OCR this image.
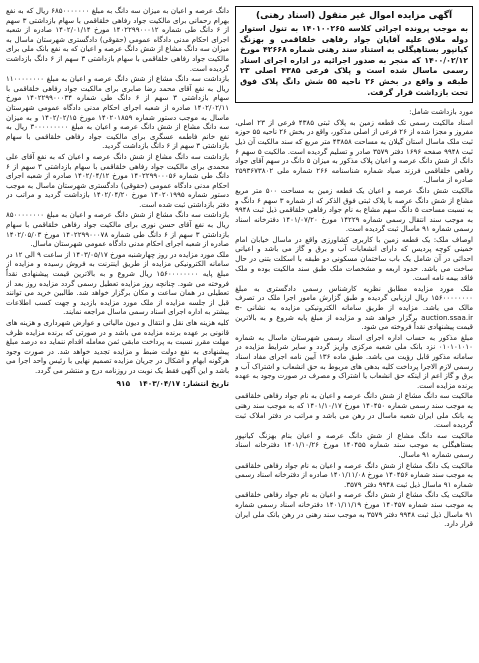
آگهی مزایده اموال غیر منقول (اسناد رهنی)
به موجب پرونده اجرائی کلاسه ۱۴۰۱۰۰۲۶۵ به تنول استوار دوله ملاق علیه آقایان جواد رفاهی خلقاقمی و بهزنگ کیانپور بستاهیگلی به استناد سند رهنی شماره ۴۲۶۶۸ مورخ ۱۴۰۰/۰۲/۱۲ که منجر به صدور اجرائیه در اداره اجرای اسناد رسمی ماسال شده است و پلاک فرعی ۴۳۸۵ اصلی ۲۳ طبقه و واقع در بخش ۲۶ ناحیه ۵۵ شش دانگ پلاک فوق تحت بازداشت قرار گرفت.
مورد بازداشت شامل:
اسناد مالکیت رسمی تک قطعه زمین به پلاک ثبتی ۴۳۸۵ فرعی از ۲۳ اصلی، مفروز و مجزا شده از ۲۶ فرعی از اصلی مذکور، واقع در بخش ۲۶ ناحیه ۵۵ حوزه ثبت ملک ماسال استان گیلان به مساحت ۴۳۸۵۸ متر مربع که سند مالکیت آن ذیل ثبت ۹۹۴۸ صفحه ۱۶۹۶ دفتر ۳۵۷۹ صادر و تسلیم گردیده است. مالکیت ۵ سهم ۶ دانگ از شش دانگ عرصه و اعیان پلاک مذکور به میزان ۵ دانگ در سهم آقای جواد رفاهی خلقاقمی فرزند صیاد شماره شناسنامه ۲۶۶ شماره ملی ۲۵۹۳۶۷۳۸۰۲ صادره از ماسال.
مالکیت شش دانگ عرصه و اعیان یک قطعه زمین به مساحت ۵۰۰ متر مربع مشاع از شش دانگ عرصه با پلاک ثبتی فوق الذکر که از شماره ۳ سهم ۶ دانگ و به نسبت مساحت ۵ دانگ سهم مشاع به نام جواد رفاهی خلقاقمی ذیل ثبت ۹۹۴۸ به موجب سند انتقال رسمی شماره ۱۴۲۲۹ مورخ ۱۴۰۱/۰۷/۲۰ دفترخانه اسناد رسمی شماره ۹۱ ماسال ثبت گردیده است.
اوصاف ملک: یک قطعه زمین با کاربری کشاورزی واقع در ماسال خیابان امام خمینی کوچه پردیس که دارای انشعابات آب و برق و گاز می باشد و اعیانی احداثی در آن شامل یک باب ساختمان مسکونی دو طبقه با اسکلت بتنی در حال ساخت می باشد. حدود اربعه و مشخصات ملک طبق سند مالکیت بوده و ملک فاقد بیمه نامه است.
ملک مورد مزایده مطابق نظریه کارشناس رسمی دادگستری به مبلغ ۱۵۶۰۰۰۰۰۰۰۰ ریال ارزیابی گردیده و طبق گزارش مامور اجرا ملک در تصرف مالک می باشد. مزایده از طریق سامانه الکترونیکی مزایده به نشانی e-auction.ssaa.ir برگزار خواهد شد و مزایده از مبلغ پایه شروع و به بالاترین قیمت پیشنهادی نقداً فروخته می شود.
مبلغ مذکور به حساب اداره اجرای اسناد رسمی شهرستان ماسال به شماره ۰۱۰۱۰۱۰۱۰ نزد بانک ملی شعبه مرکزی واریز گردد و سایر شرایط مزایده در سامانه مذکور قابل رؤیت می باشد. طبق ماده ۱۳۶ آیین نامه اجرای مفاد اسناد رسمی لازم الاجرا پرداخت کلیه بدهی های مربوط به حق انشعاب و اشتراک آب و برق و گاز اعم از اینکه حق انشعاب یا اشتراک و مصرف در صورت وجود به عهده برنده مزایده است.
مالکیت سه دانگ مشاع از شش دانگ عرصه و اعیان به نام جواد رفاهی خلقاقمی به موجب سند رسمی شماره ۱۴۰۴۵۰ مورخ ۱۴۰۱/۱۰/۱۷ که به موجب سند رهنی به بانک ملی ایران شعبه ماسال در رهن می باشد و مراتب در دفتر املاک ثبت گردیده است.
مالکیت سه دانگ مشاع از شش دانگ عرصه و اعیان بنام بهزنگ کیانپور بستاهیگلی به موجب سند شماره ۱۴۰۴۵۵ مورخ ۱۴۰۱/۱۰/۲۶ دفترخانه اسناد رسمی شماره ۹۱ ماسال.
مالکیت یک دانگ مشاع از شش دانگ عرصه و اعیان به نام جواد رفاهی خلقاقمی به موجب سند شماره ۱۴۰۴۵۶ مورخ ۱۴۰۱/۱۱/۰۸ صادره از دفترخانه اسناد رسمی شماره ۹۱ ماسال ذیل ثبت ۹۹۴۸ دفتر ۳۵۷۹.
مالکیت یک دانگ مشاع از شش دانگ عرصه و اعیان به نام جواد رفاهی خلقاقمی به موجب سند شماره ۱۴۰۴۵۷ مورخ ۱۴۰۱/۱۱/۱۹ دفترخانه اسناد رسمی شماره ۹۱ ماسال ذیل ثبت ۹۹۴۸ دفتر ۳۵۷۹ به موجب سند رهنی در رهن بانک ملی ایران قرار دارد.
دانگ عرصه و اعیان به میزان سه دانگ به مبلغ ۶۸۵۰۰۰۰۰۰۰ ریال که به نفع بهرام رحمانی برای مالکیت جواد رفاهی خلقاقمی با سهام بازداشتی ۳ سهم از ۶ دانگ طی شماره ۱۴۰۲۲۹۹۰۰۰۱۲ مورخ ۱۴۰۲/۰۱/۱۴ صادره از شعبه اجرای احکام مدنی دادگاه عمومی (حقوقی) دادگستری شهرستان ماسال به میزان سه دانگ مشاع از شش دانگ عرصه و اعیان که به نفع بانک ملی برای مالکیت جواد رفاهی خلقاقمی با سهام بازداشتی ۳ سهم از ۶ دانگ بازداشت گردیده است.
بازداشت سه دانگ مشاع از شش دانگ عرصه و اعیان به مبلغ ۱۱۰۰۰۰۰۰۰۰ ریال به نفع آقای محمد رضا صابری برای مالکیت جواد رفاهی خلقاقمی با سهام بازداشتی ۳ سهم از ۶ دانگ طی شماره ۱۴۰۲۲۹۹۰۰۰۳۴ مورخ ۱۴۰۲/۰۲/۱۱ صادره از شعبه اجرای احکام مدنی دادگاه عمومی شهرستان ماسال به موجب دستور شماره ۱۴۰۲۰۱۸۵۹ مورخ ۱۴۰۲/۰۲/۱۵ و به میزان سه دانگ مشاع از شش دانگ عرصه و اعیان به مبلغ ۳۰۰۰۰۰۰۰۰۰ ریال به نفع خانم فاطمه عسگری برای مالکیت جواد رفاهی خلقاقمی با سهام بازداشتی ۳ سهم از ۶ دانگ بازداشت گردید.
بازداشت سه دانگ مشاع از شش دانگ عرصه و اعیان که به نفع آقای علی محمدی برای مالکیت جواد رفاهی خلقاقمی با سهام بازداشتی ۳ سهم از ۶ دانگ طی شماره ۱۴۰۲۲۹۹۰۰۰۵۶ مورخ ۱۴۰۲/۰۴/۱۲ صادره از شعبه اجرای احکام مدنی دادگاه عمومی (حقوقی) دادگستری شهرستان ماسال به موجب دستور شماره ۱۴۰۲۰۱۹۹۵ مورخ ۱۴۰۲/۰۴/۲۰ بازداشت گردید و مراتب در دفتر بازداشتی ثبت شده است.
بازداشت سه دانگ مشاع از شش دانگ عرصه و اعیان به مبلغ ۸۵۰۰۰۰۰۰۰۰ ریال به نفع آقای حسن نوری برای مالکیت جواد رفاهی خلقاقمی با سهام بازداشتی ۳ سهم از ۶ دانگ طی شماره ۱۴۰۲۲۹۹۰۰۰۷۸ مورخ ۱۴۰۲/۰۵/۰۳ صادره از شعبه اجرای احکام مدنی دادگاه عمومی شهرستان ماسال.
ملک مورد مزایده در روز چهارشنبه مورخ ۱۴۰۳/۰۵/۱۷ از ساعت ۹ الی ۱۲ در سامانه الکترونیکی مزایده از طریق اینترنت به فروش رسیده و مزایده از مبلغ پایه ۱۵۶۰۰۰۰۰۰۰۰ ریال شروع و به بالاترین قیمت پیشنهادی نقداً فروخته می شود. چنانچه روز مزایده تعطیل رسمی گردد مزایده روز بعد از تعطیلی در همان ساعت و مکان برگزار خواهد شد. طالبین خرید می توانند قبل از جلسه مزایده از ملک مورد مزایده بازدید و جهت کسب اطلاعات بیشتر به اداره اجرای اسناد رسمی ماسال مراجعه نمایند.
کلیه هزینه های نقل و انتقال و دیون مالیاتی و عوارض شهرداری و هزینه های قانونی بر عهده برنده مزایده می باشد و در صورتی که برنده مزایده ظرف مهلت مقرر نسبت به پرداخت مابقی ثمن معامله اقدام ننماید ده درصد مبلغ پیشنهادی به نفع دولت ضبط و مزایده تجدید خواهد شد. در صورت وجود هرگونه ابهام و اشکال در جریان مزایده تصمیم نهایی با رئیس واحد اجرا می باشد و این آگهی فقط یک نوبت در روزنامه درج و منتشر می گردد.
تاریخ انتشار: ۱۴۰۳/۰۴/۱۷ ۹۱۵
